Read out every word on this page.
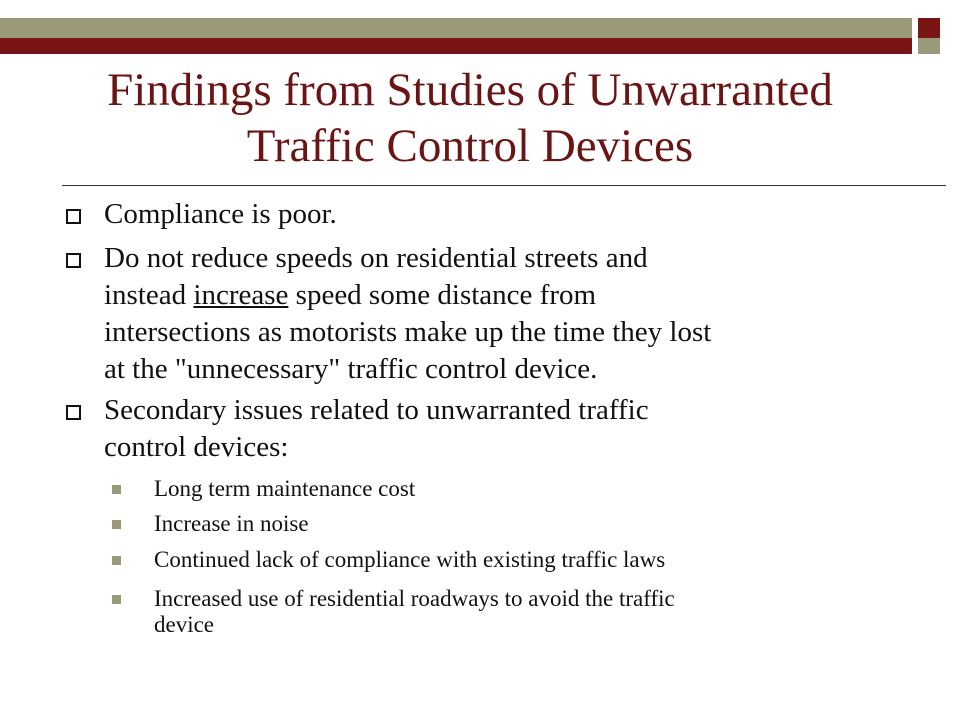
Findings from Studies of Unwarranted
Traffic Control Devices
Compliance is poor.
Do not reduce speeds on residential streets and
instead increase speed some distance from
intersections as motorists make up the time they lost
at the "unnecessary" traffic control device.
Secondary issues related to unwarranted traffic
control devices:
Long term maintenance cost
Increase in noise
Continued lack of compliance with existing traffic laws
Increased use of residential roadways to avoid the traffic
device
